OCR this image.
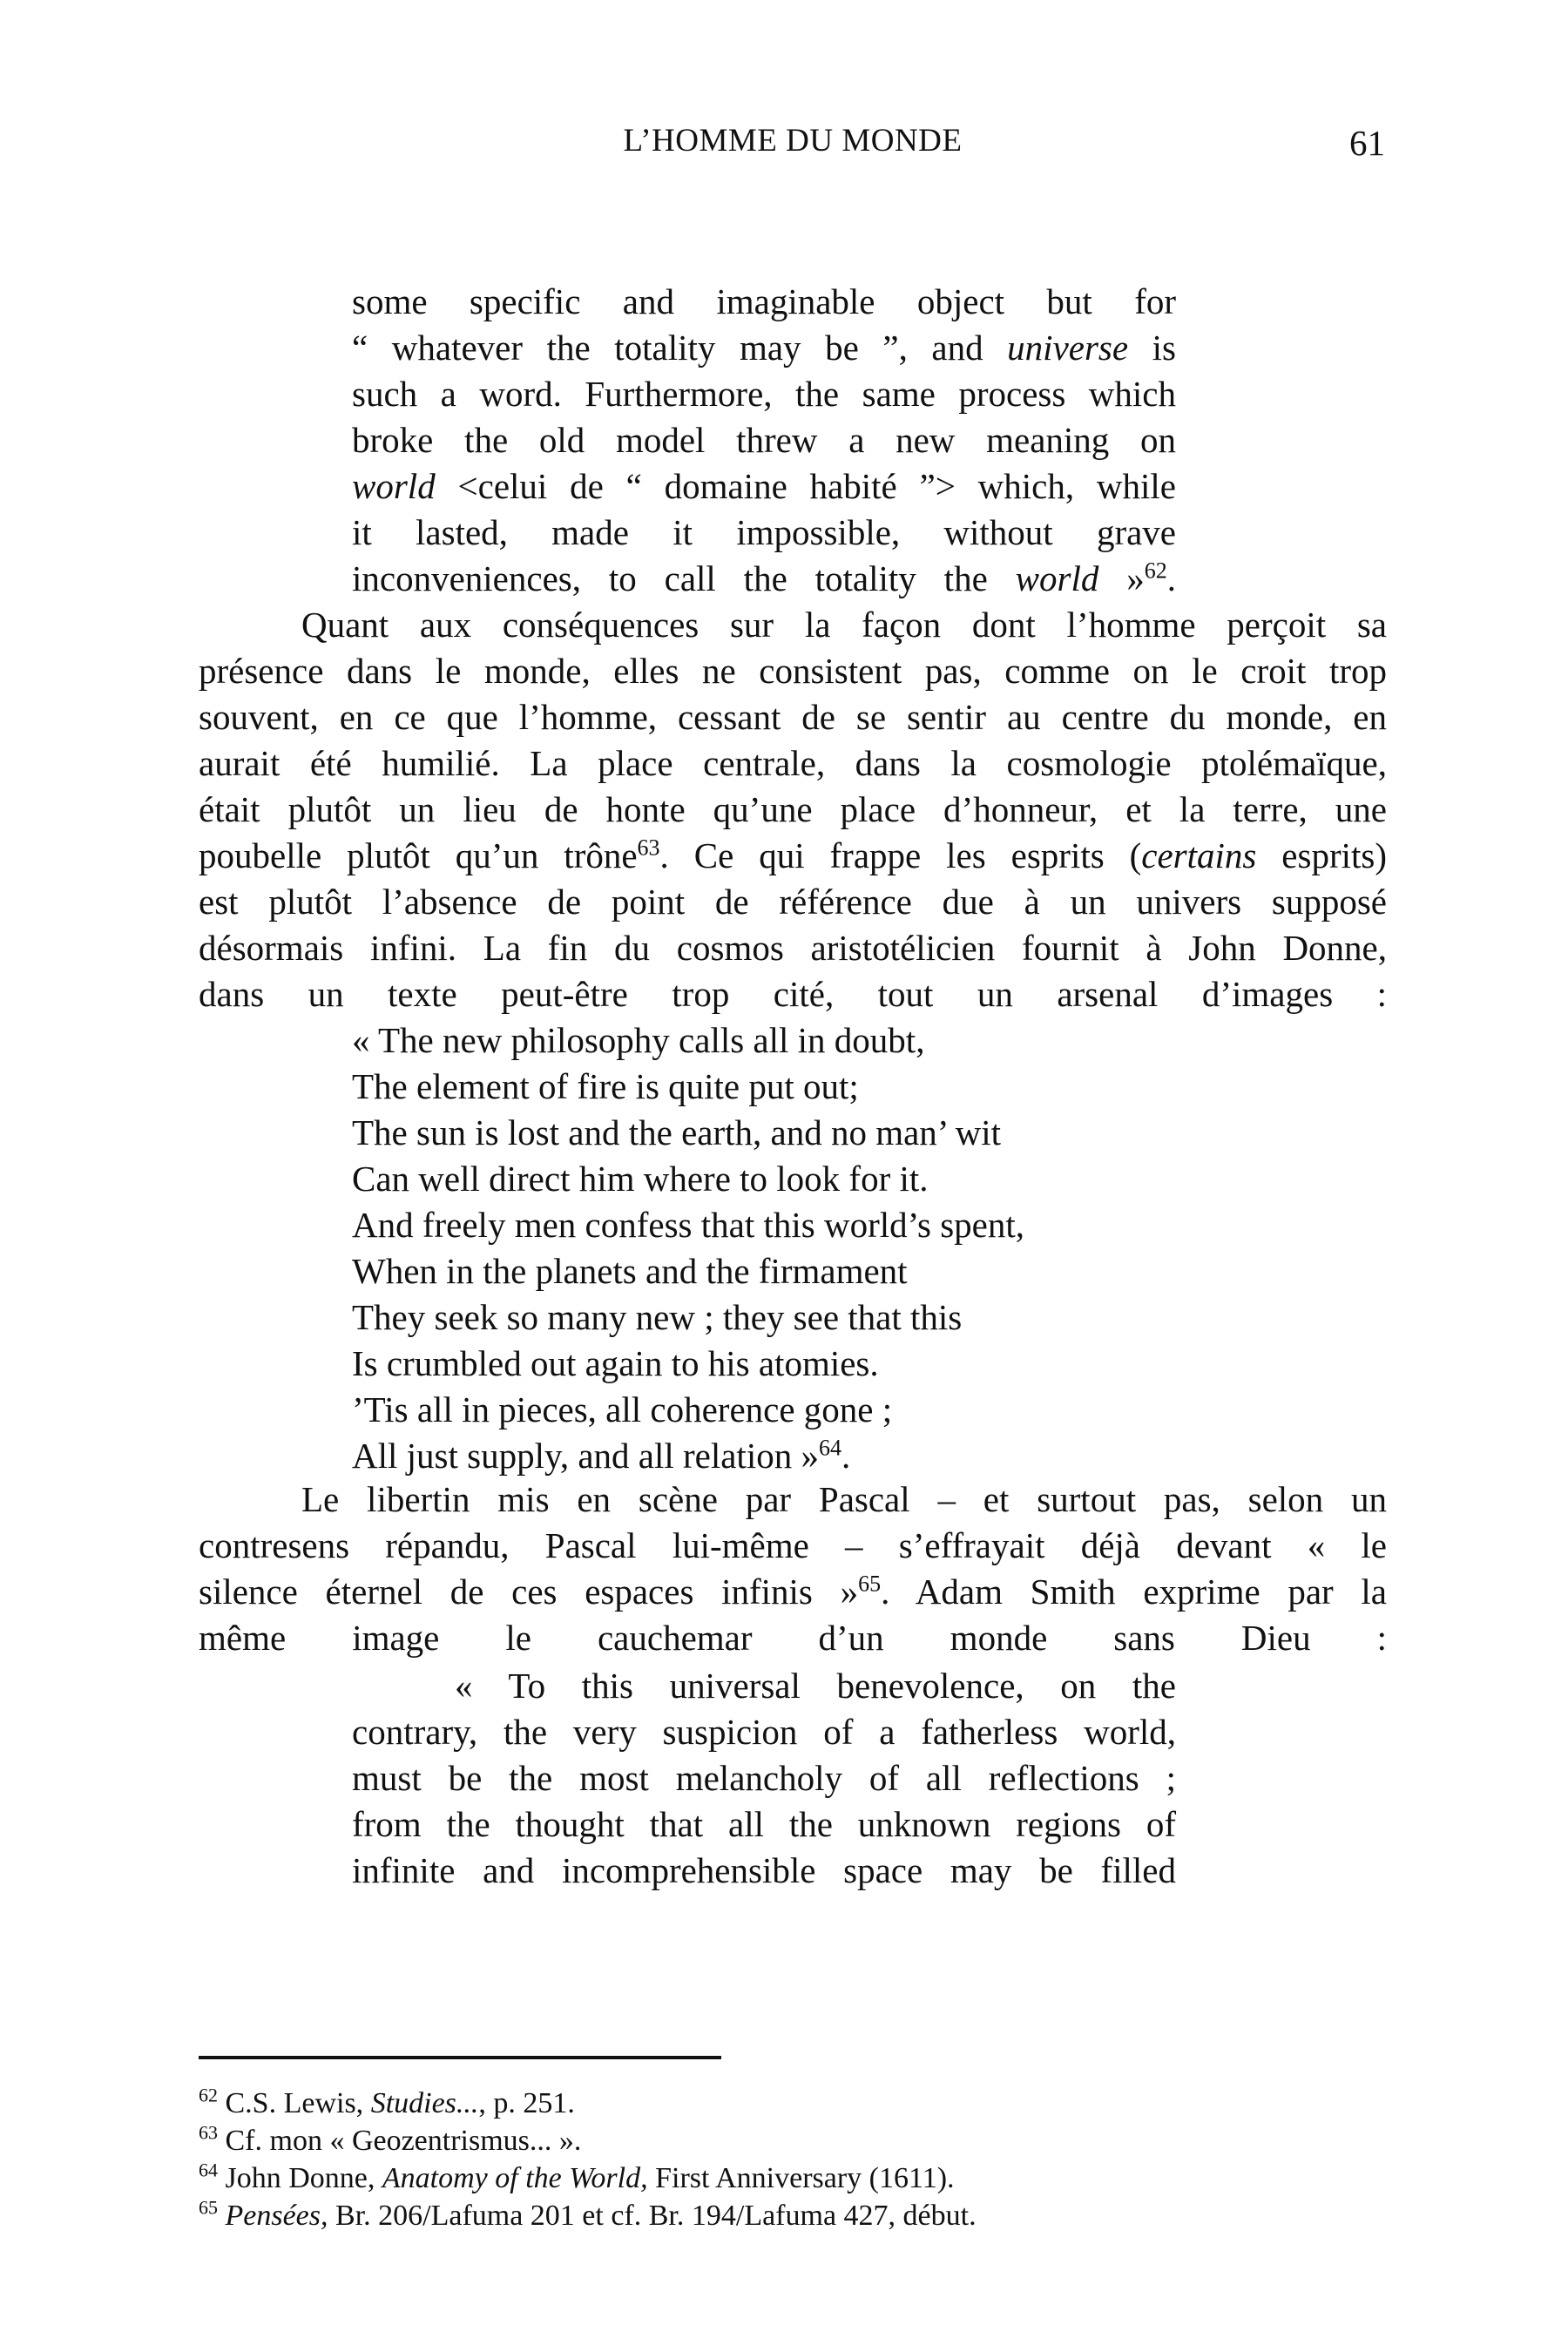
L’HOMME DU MONDE	61
some specific and imaginable object but for
“ whatever the totality may be ”, and universe is
such a word. Furthermore, the same process which
broke the old model threw a new meaning on
world <celui de “ domaine habité ”> which, while
it lasted, made it impossible, without grave
inconveniences, to call the totality the world »$^{62}$.
Quant aux conséquences sur la façon dont l’homme perçoit sa
présence dans le monde, elles ne consistent pas, comme on le croit trop
souvent, en ce que l’homme, cessant de se sentir au centre du monde, en
aurait été humilié. La place centrale, dans la cosmologie ptolémaïque,
était plutôt un lieu de honte qu’une place d’honneur, et la terre, une
poubelle plutôt qu’un trône$^{63}$. Ce qui frappe les esprits (certains esprits)
est plutôt l’absence de point de référence due à un univers supposé
désormais infini. La fin du cosmos aristotélicien fournit à John Donne,
dans un texte peut-être trop cité, tout un arsenal d’images :
« The new philosophy calls all in doubt,
The element of fire is quite put out;
The sun is lost and the earth, and no man’ wit
Can well direct him where to look for it.
And freely men confess that this world’s spent,
When in the planets and the firmament
They seek so many new ; they see that this
Is crumbled out again to his atomies.
’Tis all in pieces, all coherence gone ;
All just supply, and all relation »$^{64}$.
Le libertin mis en scène par Pascal – et surtout pas, selon un
contresens répandu, Pascal lui-même – s’effrayait déjà devant « le
silence éternel de ces espaces infinis »$^{65}$. Adam Smith exprime par la
même image le cauchemar d’un monde sans Dieu :
« To this universal benevolence, on the
contrary, the very suspicion of a fatherless world,
must be the most melancholy of all reflections ;
from the thought that all the unknown regions of
infinite and incomprehensible space may be filled
$^{62}$ C.S. Lewis, Studies..., p. 251.
$^{63}$ Cf. mon « Geozentrismus... ».
$^{64}$ John Donne, Anatomy of the World, First Anniversary (1611).
$^{65}$ Pensées, Br. 206/Lafuma 201 et cf. Br. 194/Lafuma 427, début.
